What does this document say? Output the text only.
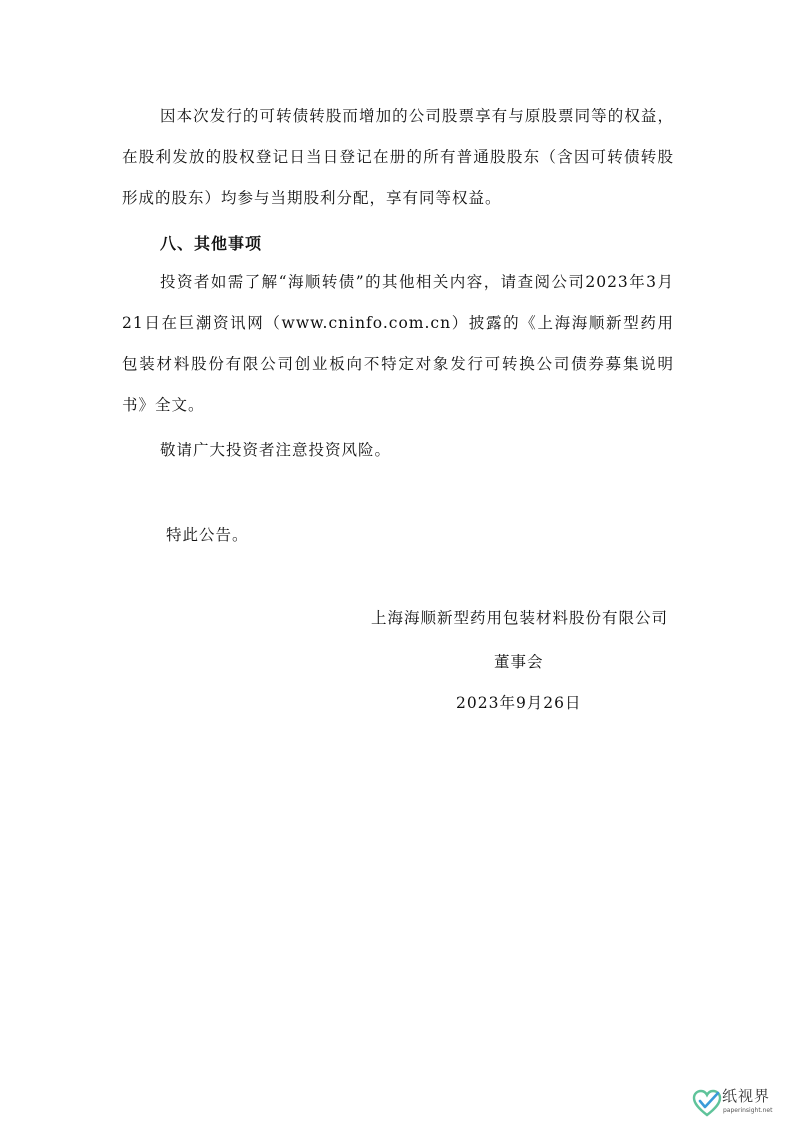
因本次发行的可转债转股而增加的公司股票享有与原股票同等的权益，在股利发放的股权登记日当日登记在册的所有普通股股东（含因可转债转股形成的股东）均参与当期股利分配，享有同等权益。

八、其他事项

投资者如需了解“海顺转债”的其他相关内容，请查阅公司2023年3月21日在巨潮资讯网（www.cninfo.com.cn）披露的《上海海顺新型药用包装材料股份有限公司创业板向不特定对象发行可转换公司债券募集说明书》全文。

敬请广大投资者注意投资风险。

特此公告。

上海海顺新型药用包装材料股份有限公司

董事会

2023年9月26日

纸视界
paperinsight.net
